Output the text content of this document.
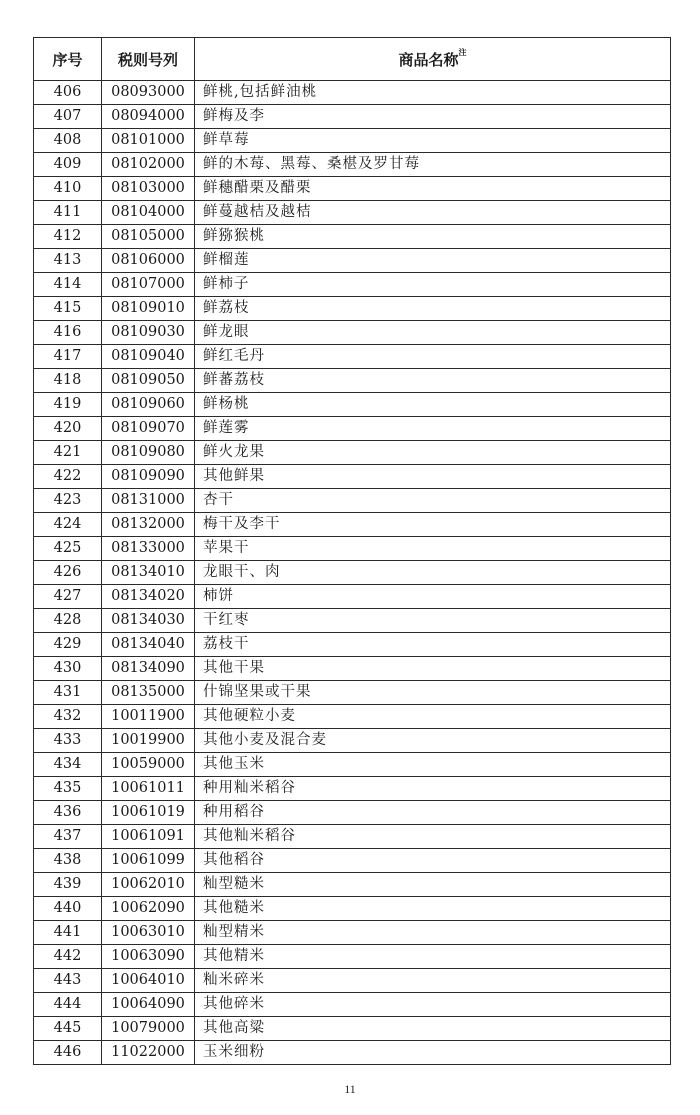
序号	税则号列	商品名称$^注$
406	08093000	鲜桃,包括鲜油桃
407	08094000	鲜梅及李
408	08101000	鲜草莓
409	08102000	鲜的木莓、黑莓、桑椹及罗甘莓
410	08103000	鲜穗醋栗及醋栗
411	08104000	鲜蔓越桔及越桔
412	08105000	鲜猕猴桃
413	08106000	鲜榴莲
414	08107000	鲜柿子
415	08109010	鲜荔枝
416	08109030	鲜龙眼
417	08109040	鲜红毛丹
418	08109050	鲜蕃荔枝
419	08109060	鲜杨桃
420	08109070	鲜莲雾
421	08109080	鲜火龙果
422	08109090	其他鲜果
423	08131000	杏干
424	08132000	梅干及李干
425	08133000	苹果干
426	08134010	龙眼干、肉
427	08134020	柿饼
428	08134030	干红枣
429	08134040	荔枝干
430	08134090	其他干果
431	08135000	什锦坚果或干果
432	10011900	其他硬粒小麦
433	10019900	其他小麦及混合麦
434	10059000	其他玉米
435	10061011	种用籼米稻谷
436	10061019	种用稻谷
437	10061091	其他籼米稻谷
438	10061099	其他稻谷
439	10062010	籼型糙米
440	10062090	其他糙米
441	10063010	籼型精米
442	10063090	其他精米
443	10064010	籼米碎米
444	10064090	其他碎米
445	10079000	其他高粱
446	11022000	玉米细粉
11
